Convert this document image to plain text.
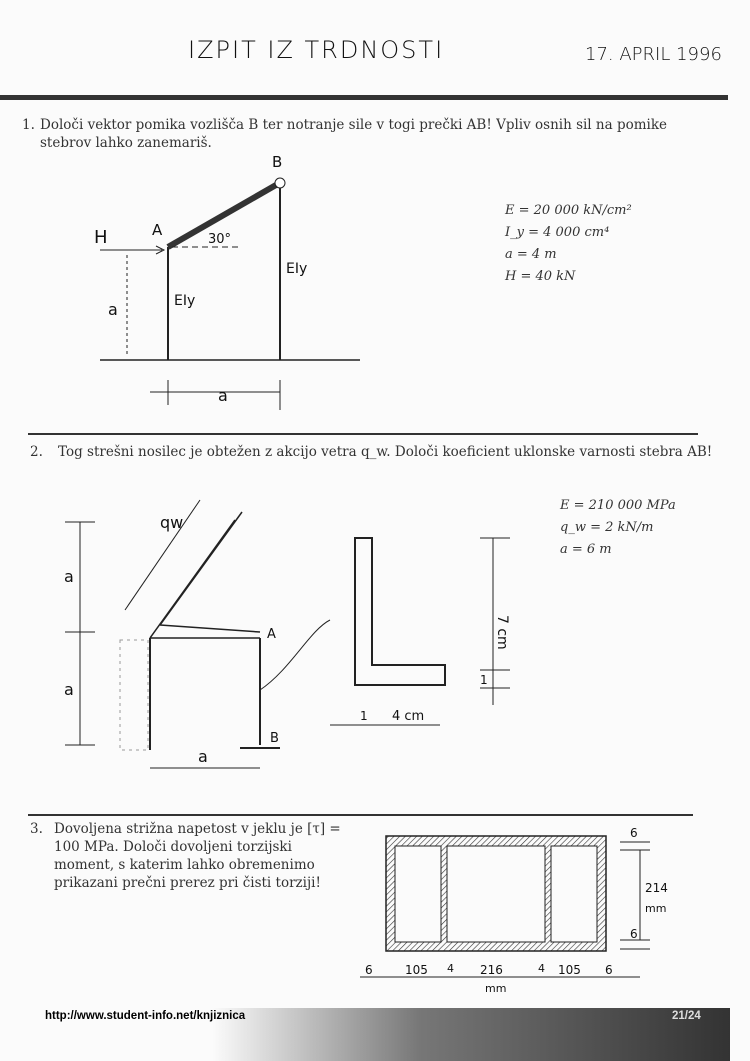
IZPIT IZ TRDNOSTI	17. APRIL 1996
1. Določi vektor pomika vozlišča B ter notranje sile v togi prečki AB! Vpliv osnih sil na pomike stebrov lahko zanemariš.
H	A
B
30°
a
a
EIy
EIy
E = 20 000 kN/cm²
I_y = 4 000 cm⁴
a = 4 m
H = 40 kN
2. Tog strešni nosilec je obtežen z akcijo vetra q_w. Določi koeficient uklonske varnosti stebra AB!
qw
A
B
a
a
a
7 cm
1
1 4 cm
E = 210 000 MPa
q_w = 2 kN/m
a = 6 m
3. Dovoljena strižna napetost v jeklu je [τ] = 100 MPa. Določi dovoljeni torzijski moment, s katerim lahko obremenimo prikazani prečni prerez pri čisti torziji!
6
214
mm
6
6	105 4 216	4 105 6
mm
http://www.student-info.net/knjiznica	21/24
